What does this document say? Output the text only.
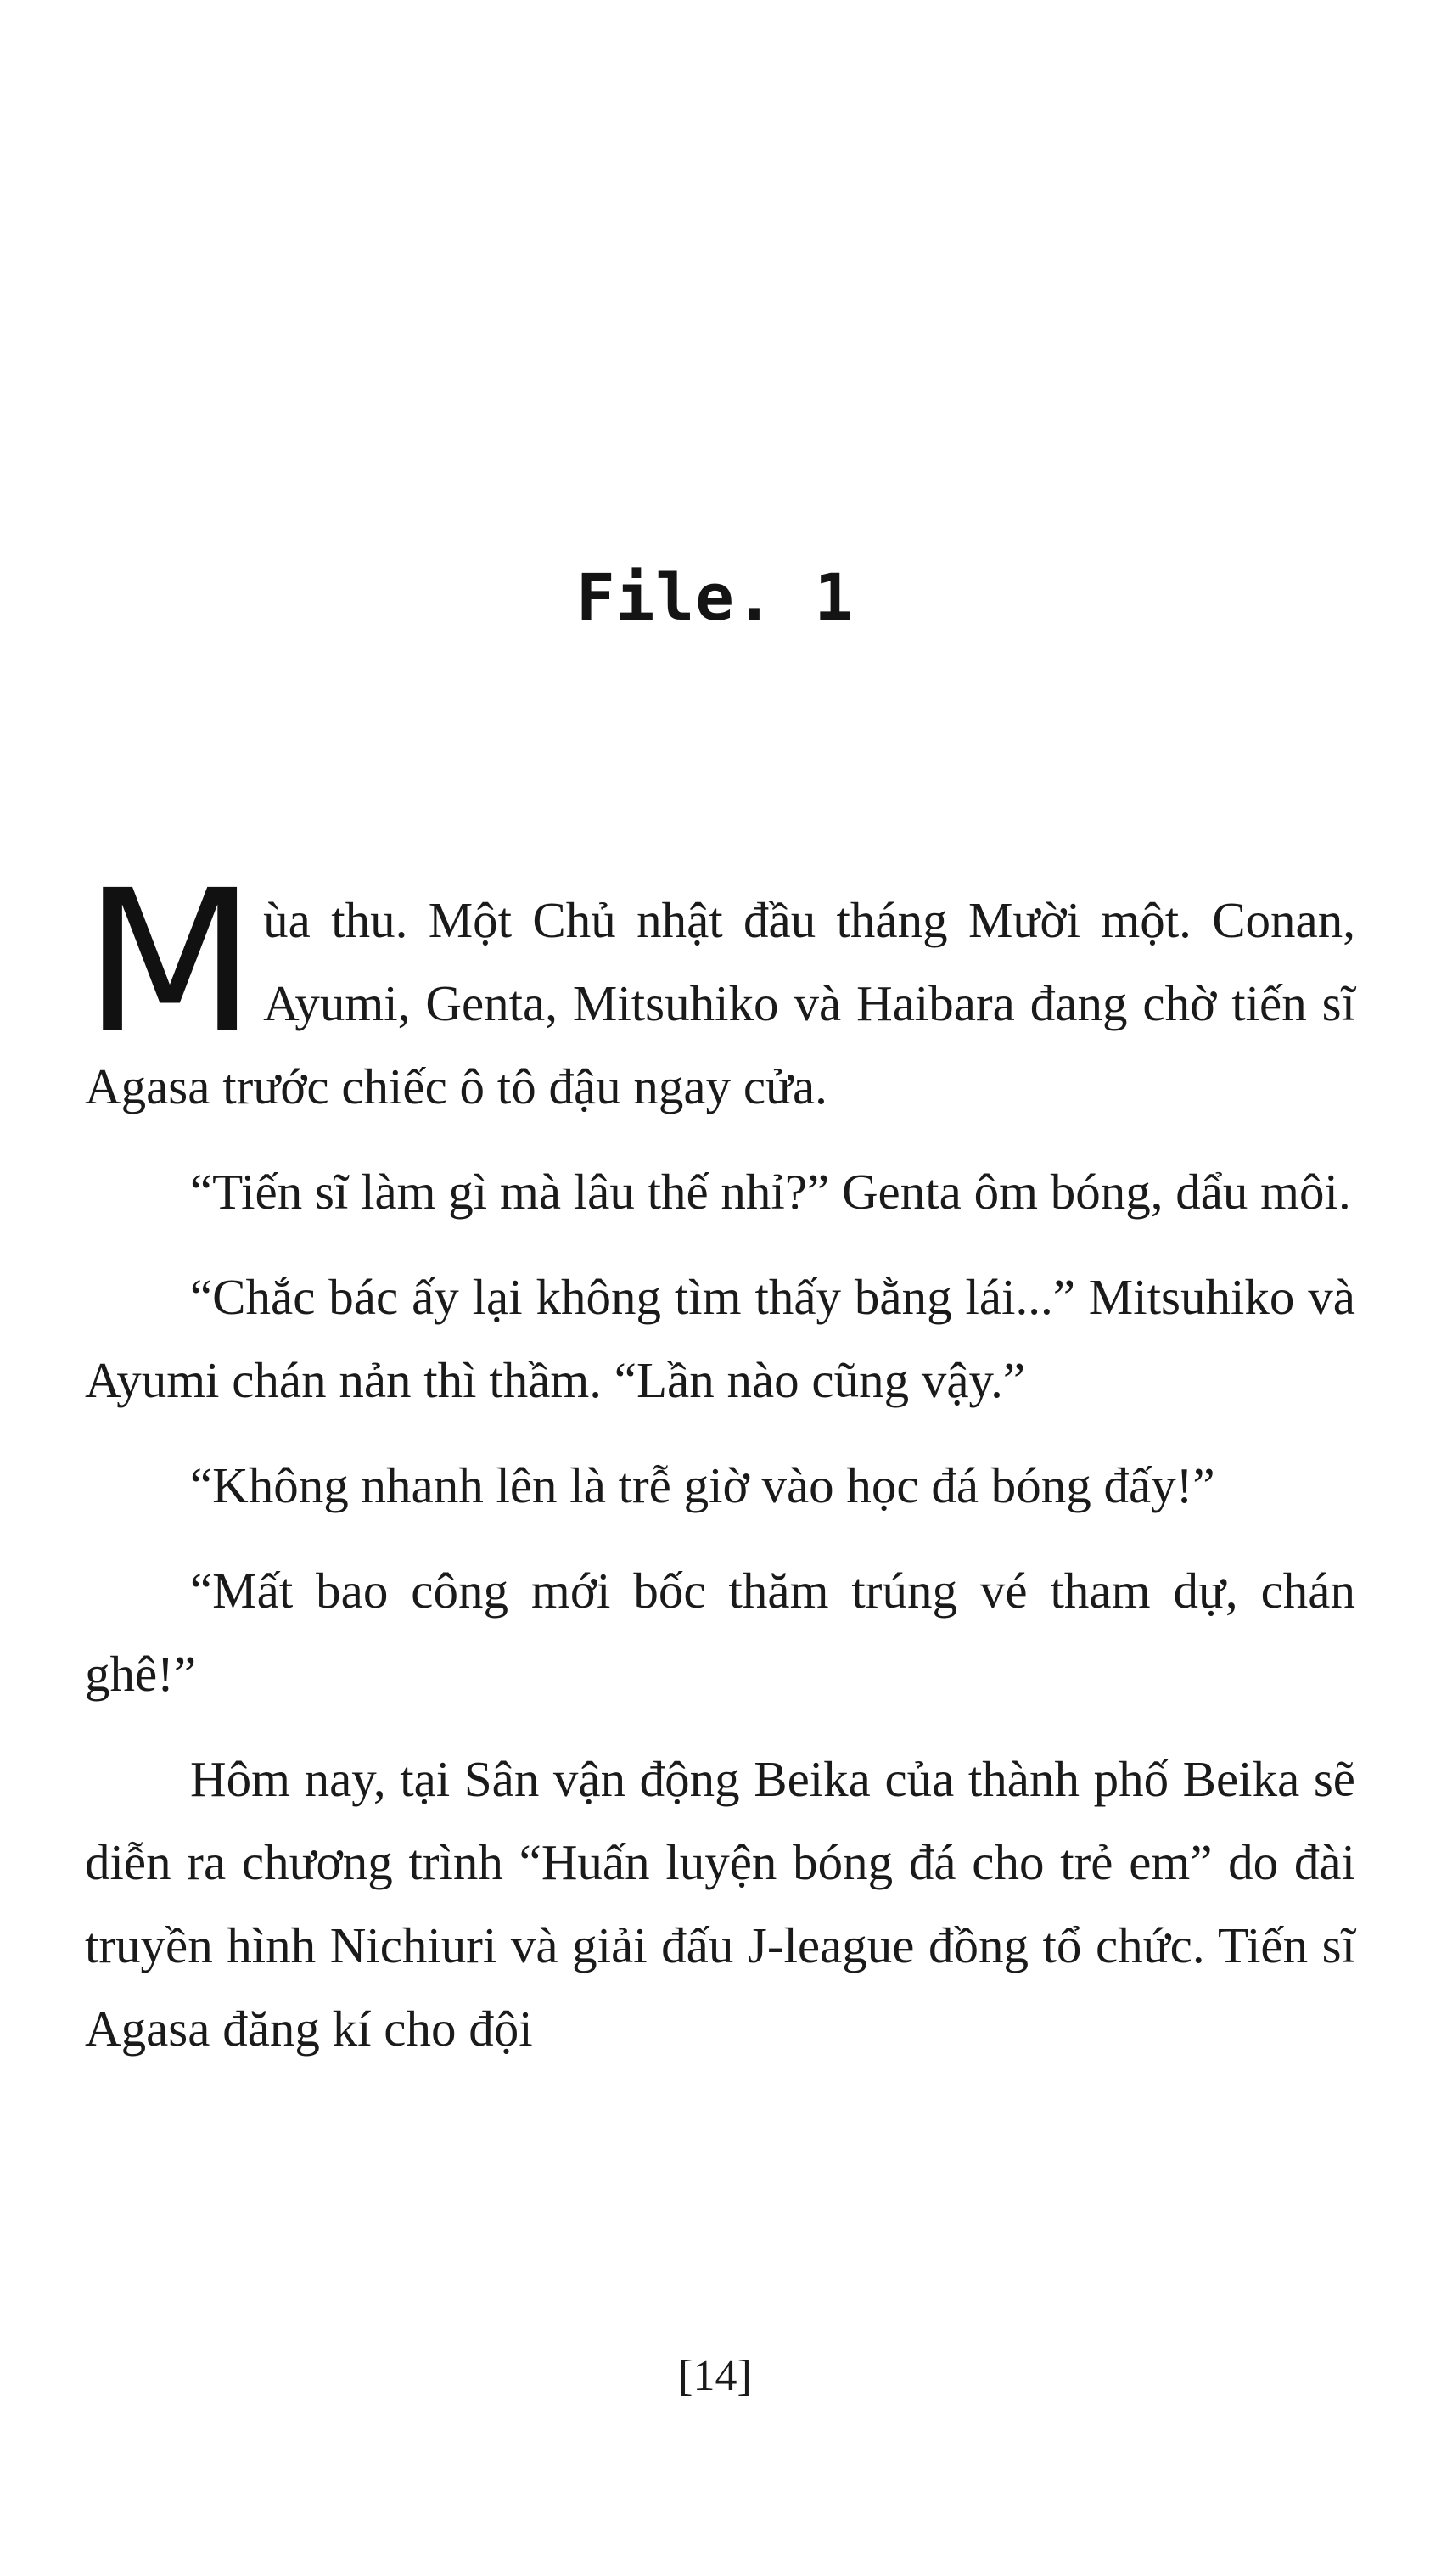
File. 1

Mùa thu. Một Chủ nhật đầu tháng Mười một. Conan, Ayumi, Genta, Mitsuhiko và Haibara đang chờ tiến sĩ Agasa trước chiếc ô tô đậu ngay cửa.

“Tiến sĩ làm gì mà lâu thế nhỉ?” Genta ôm bóng, dẩu môi.

“Chắc bác ấy lại không tìm thấy bằng lái...” Mitsuhiko và Ayumi chán nản thì thầm. “Lần nào cũng vậy.”

“Không nhanh lên là trễ giờ vào học đá bóng đấy!”

“Mất bao công mới bốc thăm trúng vé tham dự, chán ghê!”

Hôm nay, tại Sân vận động Beika của thành phố Beika sẽ diễn ra chương trình “Huấn luyện bóng đá cho trẻ em” do đài truyền hình Nichiuri và giải đấu J-league đồng tổ chức. Tiến sĩ Agasa đăng kí cho đội

[14]
